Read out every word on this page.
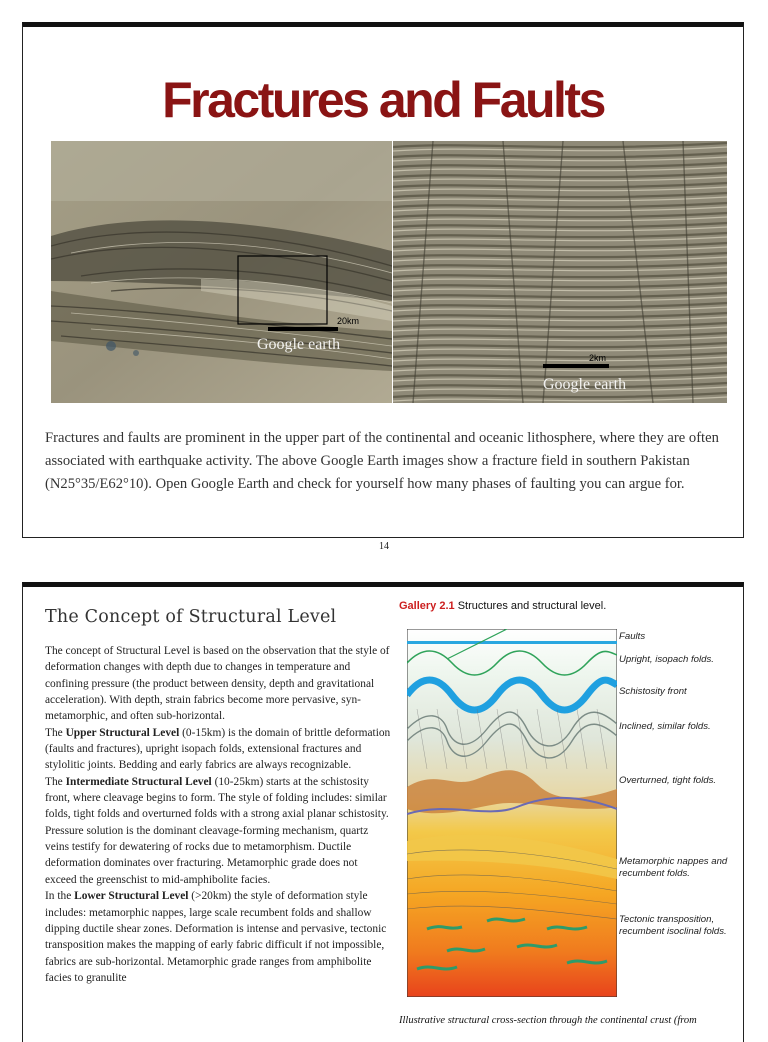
Fractures and Faults
20km
Google earth
2km
Google earth

Fractures and faults are prominent in the upper part of the continental and oceanic lithosphere, where they are often associated with earthquake activity. The above Google Earth images show a fracture field in southern Pakistan (N25°35/E62°10). Open Google Earth and check for yourself how many phases of faulting you can argue for.

14
The Concept of Structural Level

The concept of Structural Level is based on the observation that the style of deformation changes with depth due to changes in temperature and confining pressure (the product between density, depth and gravitational acceleration). With depth, strain fabrics become more pervasive, syn-metamorphic, and often sub-horizontal.

The Upper Structural Level (0-15km) is the domain of brittle deformation (faults and fractures), upright isopach folds, extensional fractures and stylolitic joints. Bedding and early fabrics are always recognizable.

The Intermediate Structural Level (10-25km) starts at the schistosity front, where cleavage begins to form. The style of folding includes: similar folds, tight folds and overturned folds with a strong axial planar schistosity. Pressure solution is the dominant cleavage-forming mechanism, quartz veins testify for dewatering of rocks due to metamorphism. Ductile deformation dominates over fracturing. Metamorphic grade does not exceed the greenschist to mid-amphibolite facies.

In the Lower Structural Level (>20km) the style of deformation style includes: metamorphic nappes, large scale recumbent folds and shallow dipping ductile shear zones. Deformation is intense and pervasive, tectonic transposition makes the mapping of early fabric difficult if not impossible, fabrics are sub-horizontal. Metamorphic grade ranges from amphibolite facies to granulite

Gallery 2.1 Structures and structural level.
Faults
Upright, isopach folds.
Schistosity front
Inclined, similar folds.
Overturned, tight folds.
Metamorphic nappes and recumbent folds.
Tectonic transposition, recumbent isoclinal folds.
Illustrative structural cross-section through the continental crust (from
